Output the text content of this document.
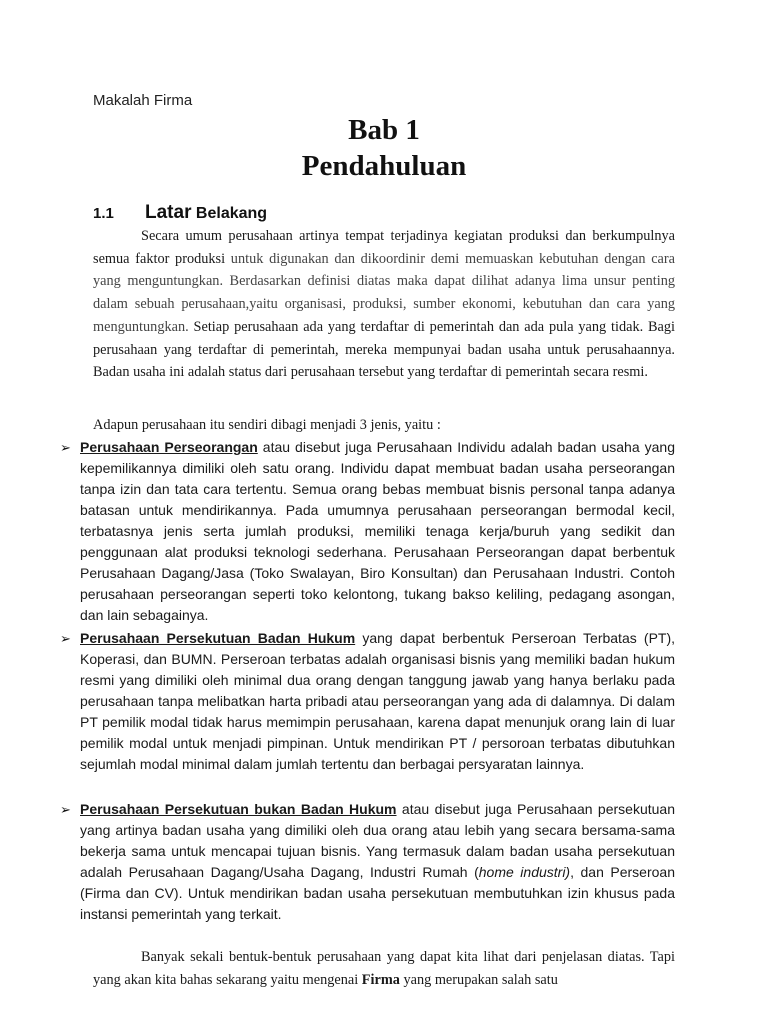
Makalah Firma
Bab 1
Pendahuluan
1.1 Latar Belakang
Secara umum perusahaan artinya tempat terjadinya kegiatan produksi dan berkumpulnya semua faktor produksi untuk digunakan dan dikoordinir demi memuaskan kebutuhan dengan cara yang menguntungkan. Berdasarkan definisi diatas maka dapat dilihat adanya lima unsur penting dalam sebuah perusahaan,yaitu organisasi, produksi, sumber ekonomi, kebutuhan dan cara yang menguntungkan. Setiap perusahaan ada yang terdaftar di pemerintah dan ada pula yang tidak. Bagi perusahaan yang terdaftar di pemerintah, mereka mempunyai badan usaha untuk perusahaannya. Badan usaha ini adalah status dari perusahaan tersebut yang terdaftar di pemerintah secara resmi.
Adapun perusahaan itu sendiri dibagi menjadi 3 jenis, yaitu :
➢ Perusahaan Perseorangan atau disebut juga Perusahaan Individu adalah badan usaha yang kepemilikannya dimiliki oleh satu orang. Individu dapat membuat badan usaha perseorangan tanpa izin dan tata cara tertentu. Semua orang bebas membuat bisnis personal tanpa adanya batasan untuk mendirikannya. Pada umumnya perusahaan perseorangan bermodal kecil, terbatasnya jenis serta jumlah produksi, memiliki tenaga kerja/buruh yang sedikit dan penggunaan alat produksi teknologi sederhana. Perusahaan Perseorangan dapat berbentuk Perusahaan Dagang/Jasa (Toko Swalayan, Biro Konsultan) dan Perusahaan Industri. Contoh perusahaan perseorangan seperti toko kelontong, tukang bakso keliling, pedagang asongan, dan lain sebagainya.
➢ Perusahaan Persekutuan Badan Hukum yang dapat berbentuk Perseroan Terbatas (PT), Koperasi, dan BUMN. Perseroan terbatas adalah organisasi bisnis yang memiliki badan hukum resmi yang dimiliki oleh minimal dua orang dengan tanggung jawab yang hanya berlaku pada perusahaan tanpa melibatkan harta pribadi atau perseorangan yang ada di dalamnya. Di dalam PT pemilik modal tidak harus memimpin perusahaan, karena dapat menunjuk orang lain di luar pemilik modal untuk menjadi pimpinan. Untuk mendirikan PT / persoroan terbatas dibutuhkan sejumlah modal minimal dalam jumlah tertentu dan berbagai persyaratan lainnya.
➢ Perusahaan Persekutuan bukan Badan Hukum atau disebut juga Perusahaan persekutuan yang artinya badan usaha yang dimiliki oleh dua orang atau lebih yang secara bersama-sama bekerja sama untuk mencapai tujuan bisnis. Yang termasuk dalam badan usaha persekutuan adalah Perusahaan Dagang/Usaha Dagang, Industri Rumah (home industri), dan Perseroan (Firma dan CV). Untuk mendirikan badan usaha persekutuan membutuhkan izin khusus pada instansi pemerintah yang terkait.
Banyak sekali bentuk-bentuk perusahaan yang dapat kita lihat dari penjelasan diatas. Tapi yang akan kita bahas sekarang yaitu mengenai Firma yang merupakan salah satu
